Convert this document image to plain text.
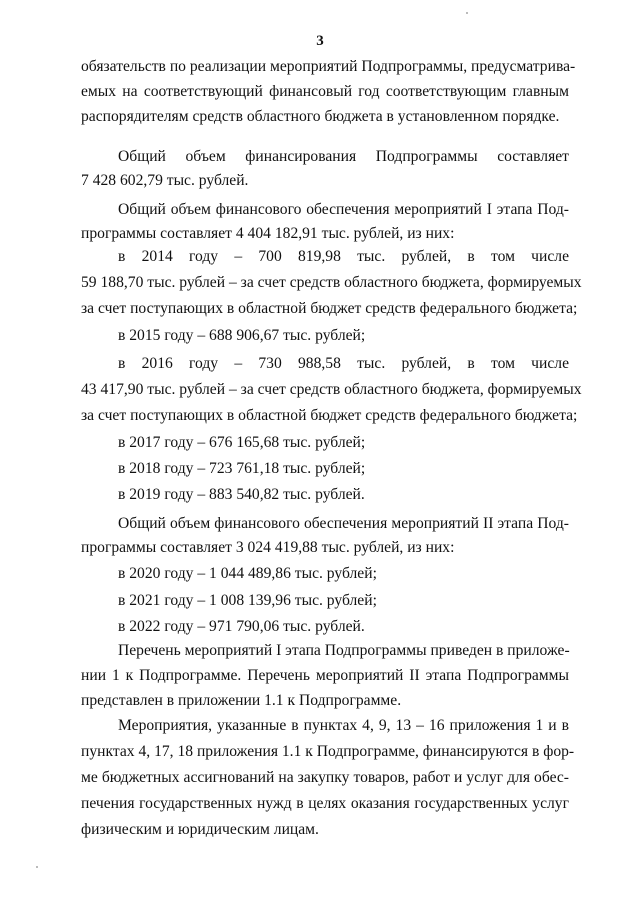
3
обязательств по реализации мероприятий Подпрограммы, предусматрива-
емых на соответствующий финансовый год соответствующим главным
распорядителям средств областного бюджета в установленном порядке.
Общий объем финансирования Подпрограммы составляет
7 428 602,79 тыс. рублей.
Общий объем финансового обеспечения мероприятий I этапа Под-
программы составляет 4 404 182,91 тыс. рублей, из них:
в 2014 году – 700 819,98 тыс. рублей, в том числе
59 188,70 тыс. рублей – за счет средств областного бюджета, формируемых
за счет поступающих в областной бюджет средств федерального бюджета;
в 2015 году – 688 906,67 тыс. рублей;
в 2016 году – 730 988,58 тыс. рублей, в том числе
43 417,90 тыс. рублей – за счет средств областного бюджета, формируемых
за счет поступающих в областной бюджет средств федерального бюджета;
в 2017 году – 676 165,68 тыс. рублей;
в 2018 году – 723 761,18 тыс. рублей;
в 2019 году – 883 540,82 тыс. рублей.
Общий объем финансового обеспечения мероприятий II этапа Под-
программы составляет 3 024 419,88 тыс. рублей, из них:
в 2020 году – 1 044 489,86 тыс. рублей;
в 2021 году – 1 008 139,96 тыс. рублей;
в 2022 году – 971 790,06 тыс. рублей.
Перечень мероприятий I этапа Подпрограммы приведен в приложе-
нии 1 к Подпрограмме. Перечень мероприятий II этапа Подпрограммы
представлен в приложении 1.1 к Подпрограмме.
Мероприятия, указанные в пунктах 4, 9, 13 – 16 приложения 1 и в
пунктах 4, 17, 18 приложения 1.1 к Подпрограмме, финансируются в фор-
ме бюджетных ассигнований на закупку товаров, работ и услуг для обес-
печения государственных нужд в целях оказания государственных услуг
физическим и юридическим лицам.
